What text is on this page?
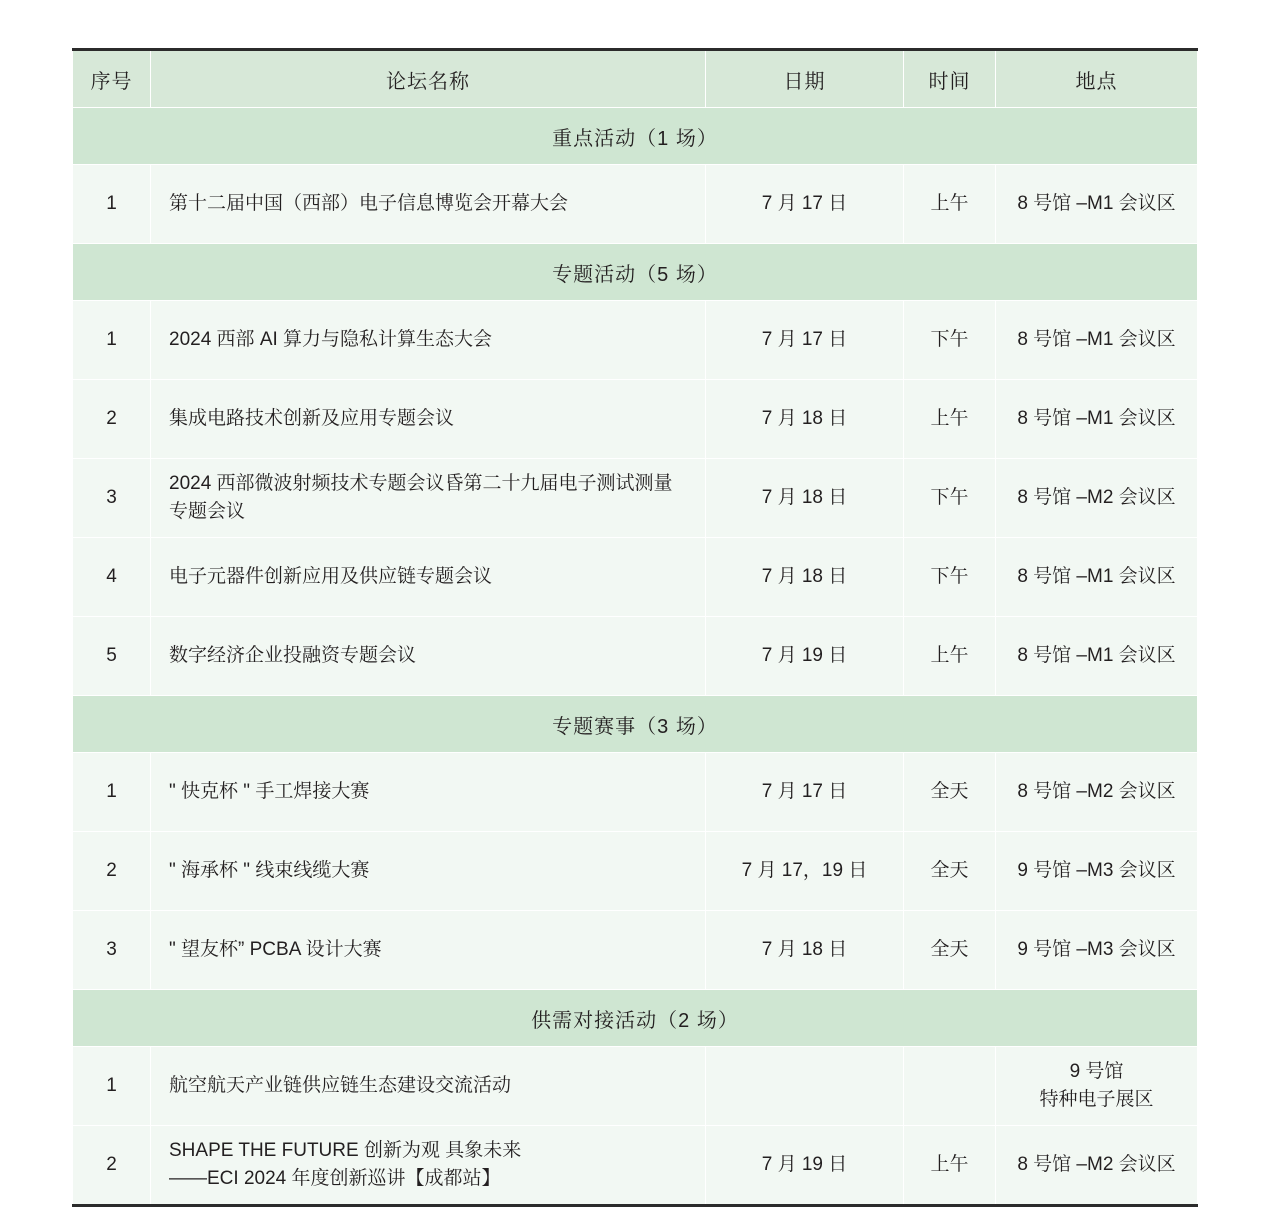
序号	论坛名称	日期	时间	地点
重点活动（1 场）				
1	第十二届中国（西部）电子信息博览会开幕大会	7 月 17 日	上午	8 号馆 –M1 会议区
专题活动（5 场）				
1	2024 西部 AI 算力与隐私计算生态大会	7 月 17 日	下午	8 号馆 –M1 会议区
2	集成电路技术创新及应用专题会议	7 月 18 日	上午	8 号馆 –M1 会议区
3	2024 西部微波射频技术专题会议昏第二十九届电子测试测量专题会议	7 月 18 日	下午	8 号馆 –M2 会议区
4	电子元器件创新应用及供应链专题会议	7 月 18 日	下午	8 号馆 –M1 会议区
5	数字经济企业投融资专题会议	7 月 19 日	上午	8 号馆 –M1 会议区
专题赛事（3 场）				
1	" 快克杯 " 手工焊接大赛	7 月 17 日	全天	8 号馆 –M2 会议区
2	" 海承杯 " 线束线缆大赛	7 月 17，19 日	全天	9 号馆 –M3 会议区
3	" 望友杯” PCBA 设计大赛	7 月 18 日	全天	9 号馆 –M3 会议区
供需对接活动（2 场）				
1	航空航天产业链供应链生态建设交流活动			9 号馆
特种电子展区

2	SHAPE THE FUTURE 创新为观 具象未来
——ECI 2024 年度创新巡讲【成都站】	7 月 19 日	上午	8 号馆 –M2 会议区
